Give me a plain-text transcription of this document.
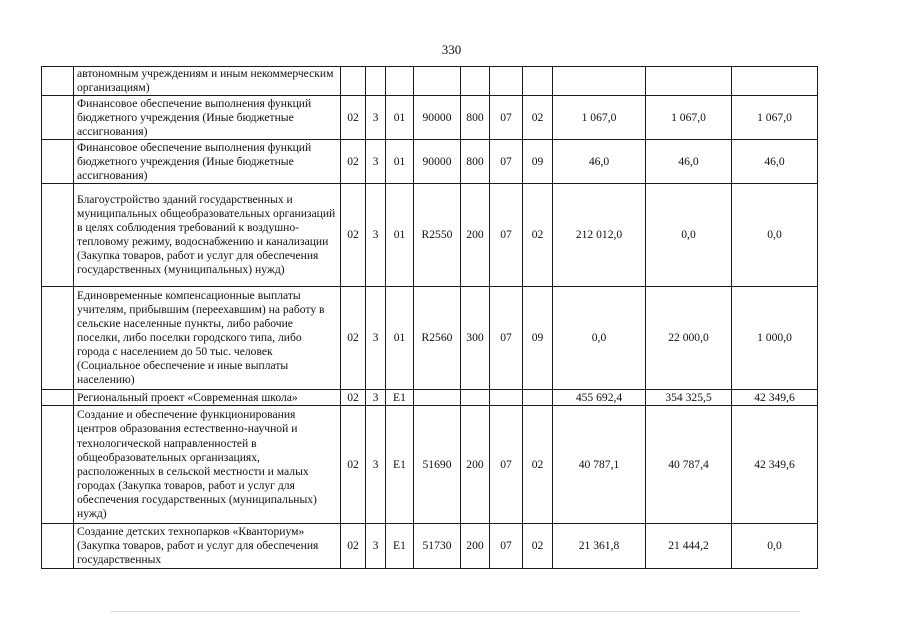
330
	автономным учреждениям и иным некоммерческим организациям)										
	Финансовое обеспечение выполнения функций бюджетного учреждения (Иные бюджетные ассигнования)	02	3	01	90000	800	07	02	1 067,0	1 067,0	1 067,0
	Финансовое обеспечение выполнения функций бюджетного учреждения (Иные бюджетные ассигнования)	02	3	01	90000	800	07	09	46,0	46,0	46,0
	Благоустройство зданий государственных и муниципальных общеобразовательных организаций в целях соблюдения требований к воздушно-тепловому режиму, водоснабжению и канализации (Закупка товаров, работ и услуг для обеспечения государственных (муниципальных) нужд)	02	3	01	R2550	200	07	02	212 012,0	0,0	0,0
	Единовременные компенсационные выплаты учителям, прибывшим (переехавшим) на работу в сельские населенные пункты, либо рабочие поселки, либо поселки городского типа, либо города с населением до 50 тыс. человек (Социальное обеспечение и иные выплаты населению)	02	3	01	R2560	300	07	09	0,0	22 000,0	1 000,0
	Региональный проект «Современная школа»	02	3	E1					455 692,4	354 325,5	42 349,6
	Создание и обеспечение функционирования центров образования естественно-научной и технологической направленностей в общеобразовательных организациях, расположенных в сельской местности и малых городах (Закупка товаров, работ и услуг для обеспечения государственных (муниципальных) нужд)	02	3	E1	51690	200	07	02	40 787,1	40 787,4	42 349,6
	Создание детских технопарков «Кванториум» (Закупка товаров, работ и услуг для обеспечения государственных	02	3	E1	51730	200	07	02	21 361,8	21 444,2	0,0
